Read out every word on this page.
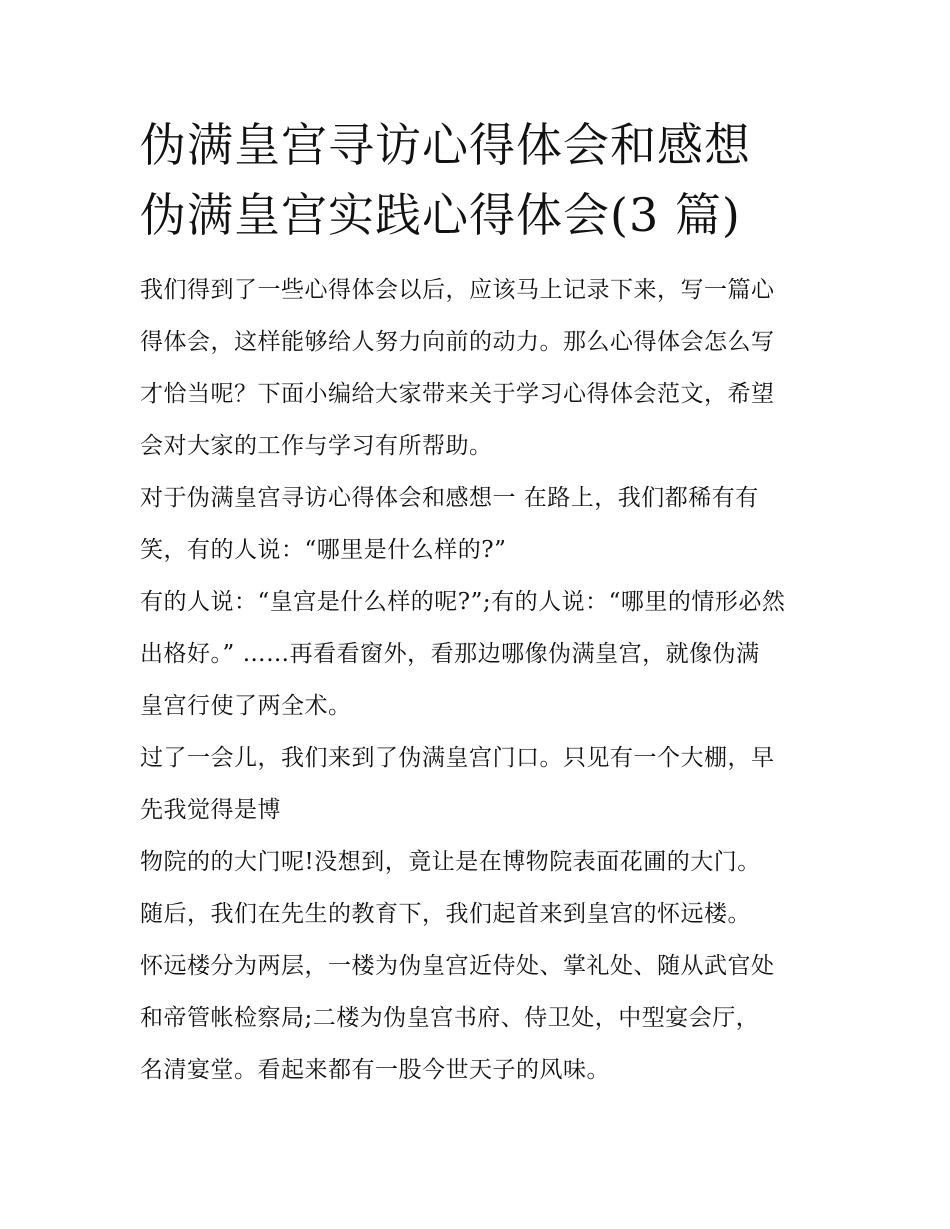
伪满皇宫寻访心得体会和感想
伪满皇宫实践心得体会(3 篇)

我们得到了一些心得体会以后，应该马上记录下来，写一篇心
得体会，这样能够给人努力向前的动力。那么心得体会怎么写
才恰当呢？下面小编给大家带来关于学习心得体会范文，希望
会对大家的工作与学习有所帮助。

对于伪满皇宫寻访心得体会和感想一 在路上，我们都稀有有
笑，有的人说：“哪里是什么样的?”

有的人说：“皇宫是什么样的呢?”;有的人说：“哪里的情形必然
出格好。” ……再看看窗外，看那边哪像伪满皇宫，就像伪满
皇宫行使了两全术。

过了一会儿，我们来到了伪满皇宫门口。只见有一个大棚，早
先我觉得是博

物院的的大门呢!没想到，竟让是在博物院表面花圃的大门。

随后，我们在先生的教育下，我们起首来到皇宫的怀远楼。

怀远楼分为两层，一楼为伪皇宫近侍处、掌礼处、随从武官处
和帝管帐检察局;二楼为伪皇宫书府、侍卫处，中型宴会厅，
名清宴堂。看起来都有一股今世天子的风味。
